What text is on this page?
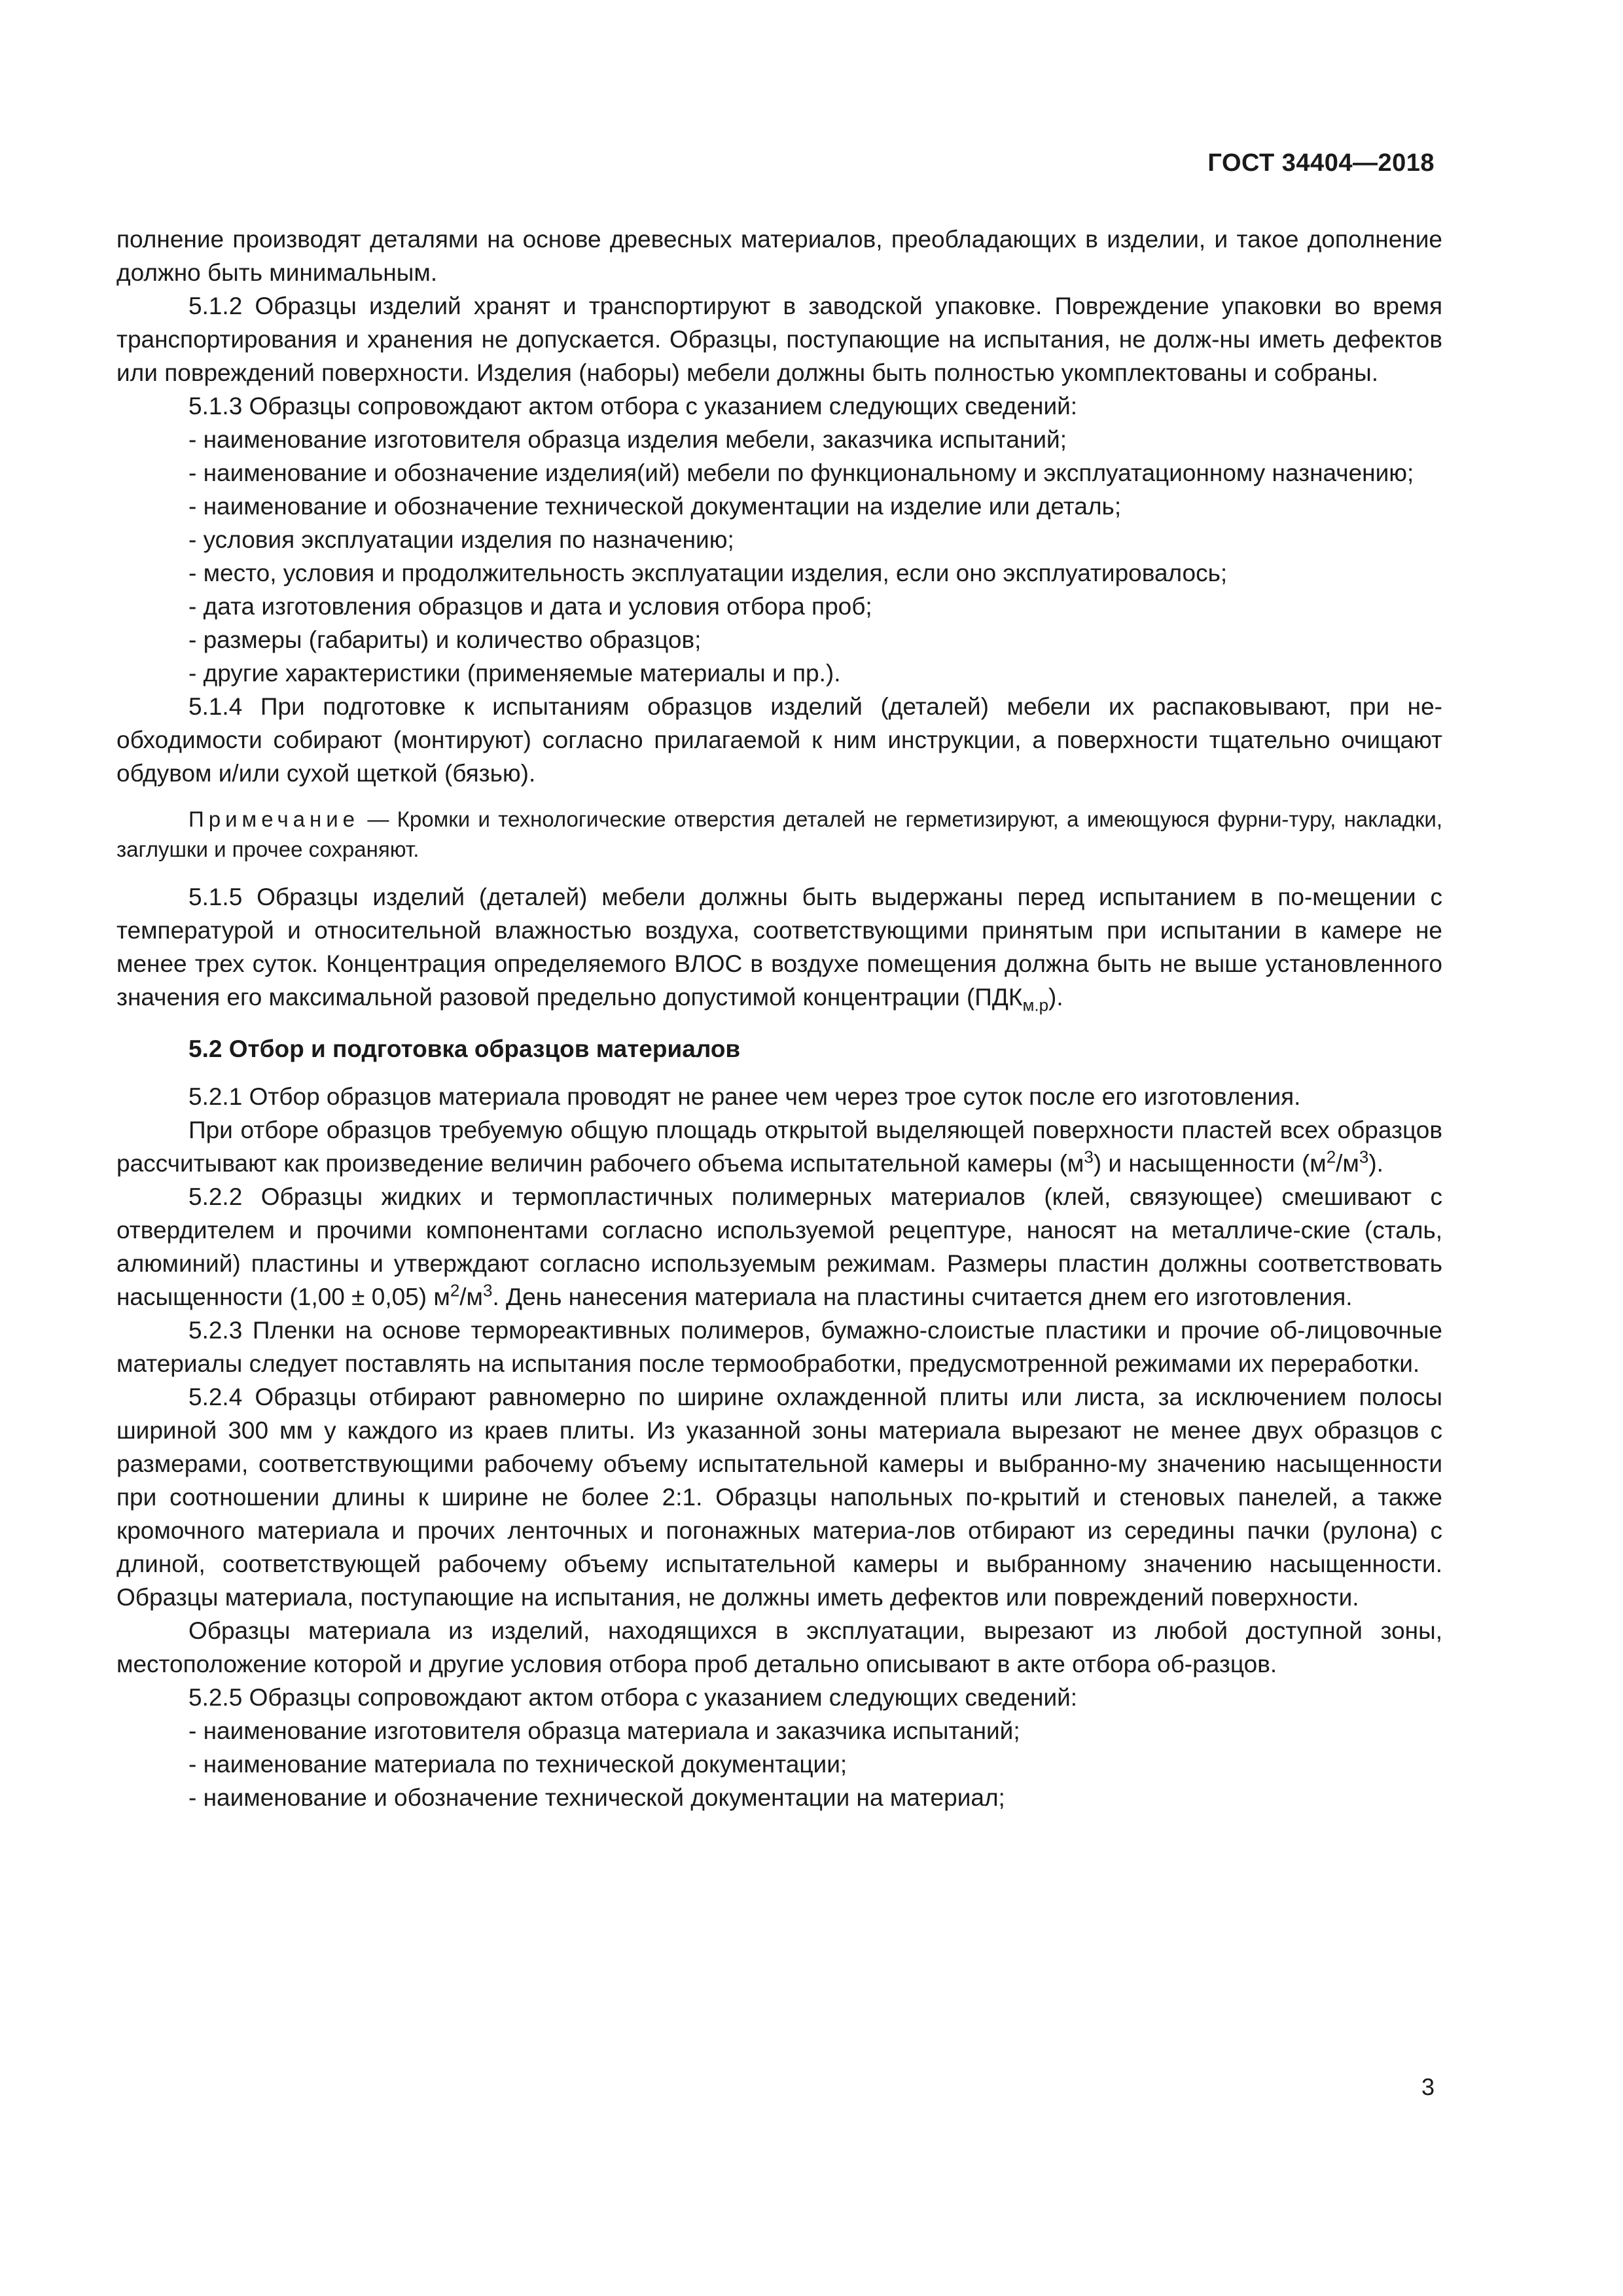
ГОСТ 34404—2018

полнение производят деталями на основе древесных материалов, преобладающих в изделии, и такое дополнение должно быть минимальным.

5.1.2 Образцы изделий хранят и транспортируют в заводской упаковке. Повреждение упаковки во время транспортирования и хранения не допускается. Образцы, поступающие на испытания, не долж-ны иметь дефектов или повреждений поверхности. Изделия (наборы) мебели должны быть полностью укомплектованы и собраны.

5.1.3 Образцы сопровождают актом отбора с указанием следующих сведений:

- наименование изготовителя образца изделия мебели, заказчика испытаний;

- наименование и обозначение изделия(ий) мебели по функциональному и эксплуатационному назначению;

- наименование и обозначение технической документации на изделие или деталь;

- условия эксплуатации изделия по назначению;

- место, условия и продолжительность эксплуатации изделия, если оно эксплуатировалось;

- дата изготовления образцов и дата и условия отбора проб;

- размеры (габариты) и количество образцов;

- другие характеристики (применяемые материалы и пр.).

5.1.4 При подготовке к испытаниям образцов изделий (деталей) мебели их распаковывают, при не-обходимости собирают (монтируют) согласно прилагаемой к ним инструкции, а поверхности тщательно очищают обдувом и/или сухой щеткой (бязью).

Примечание — Кромки и технологические отверстия деталей не герметизируют, а имеющуюся фурни-туру, накладки, заглушки и прочее сохраняют.

5.1.5 Образцы изделий (деталей) мебели должны быть выдержаны перед испытанием в по-мещении с температурой и относительной влажностью воздуха, соответствующими принятым при испытании в камере не менее трех суток. Концентрация определяемого ВЛОС в воздухе помещения должна быть не выше установленного значения его максимальной разовой предельно допустимой концентрации $(ПДК_{м.р})$.

5.2 Отбор и подготовка образцов материалов

5.2.1 Отбор образцов материала проводят не ранее чем через трое суток после его изготовления.

При отборе образцов требуемую общую площадь открытой выделяющей поверхности пластей всех образцов рассчитывают как произведение величин рабочего объема испытательной камеры $(м^3)$ и насыщенности $(м^2/м^3)$.

5.2.2 Образцы жидких и термопластичных полимерных материалов (клей, связующее) смешивают с отвердителем и прочими компонентами согласно используемой рецептуре, наносят на металличе-ские (сталь, алюминий) пластины и утверждают согласно используемым режимам. Размеры пластин должны соответствовать насыщенности (1,00 ± 0,05) $м^2/м^3$. День нанесения материала на пластины считается днем его изготовления.

5.2.3 Пленки на основе термореактивных полимеров, бумажно-слоистые пластики и прочие об-лицовочные материалы следует поставлять на испытания после термообработки, предусмотренной режимами их переработки.

5.2.4 Образцы отбирают равномерно по ширине охлажденной плиты или листа, за исключением полосы шириной 300 мм у каждого из краев плиты. Из указанной зоны материала вырезают не менее двух образцов с размерами, соответствующими рабочему объему испытательной камеры и выбранно-му значению насыщенности при соотношении длины к ширине не более 2:1. Образцы напольных по-крытий и стеновых панелей, а также кромочного материала и прочих ленточных и погонажных материа-лов отбирают из середины пачки (рулона) с длиной, соответствующей рабочему объему испытательной камеры и выбранному значению насыщенности. Образцы материала, поступающие на испытания, не должны иметь дефектов или повреждений поверхности.

Образцы материала из изделий, находящихся в эксплуатации, вырезают из любой доступной зоны, местоположение которой и другие условия отбора проб детально описывают в акте отбора об-разцов.

5.2.5 Образцы сопровождают актом отбора с указанием следующих сведений:

- наименование изготовителя образца материала и заказчика испытаний;

- наименование материала по технической документации;

- наименование и обозначение технической документации на материал;

3
